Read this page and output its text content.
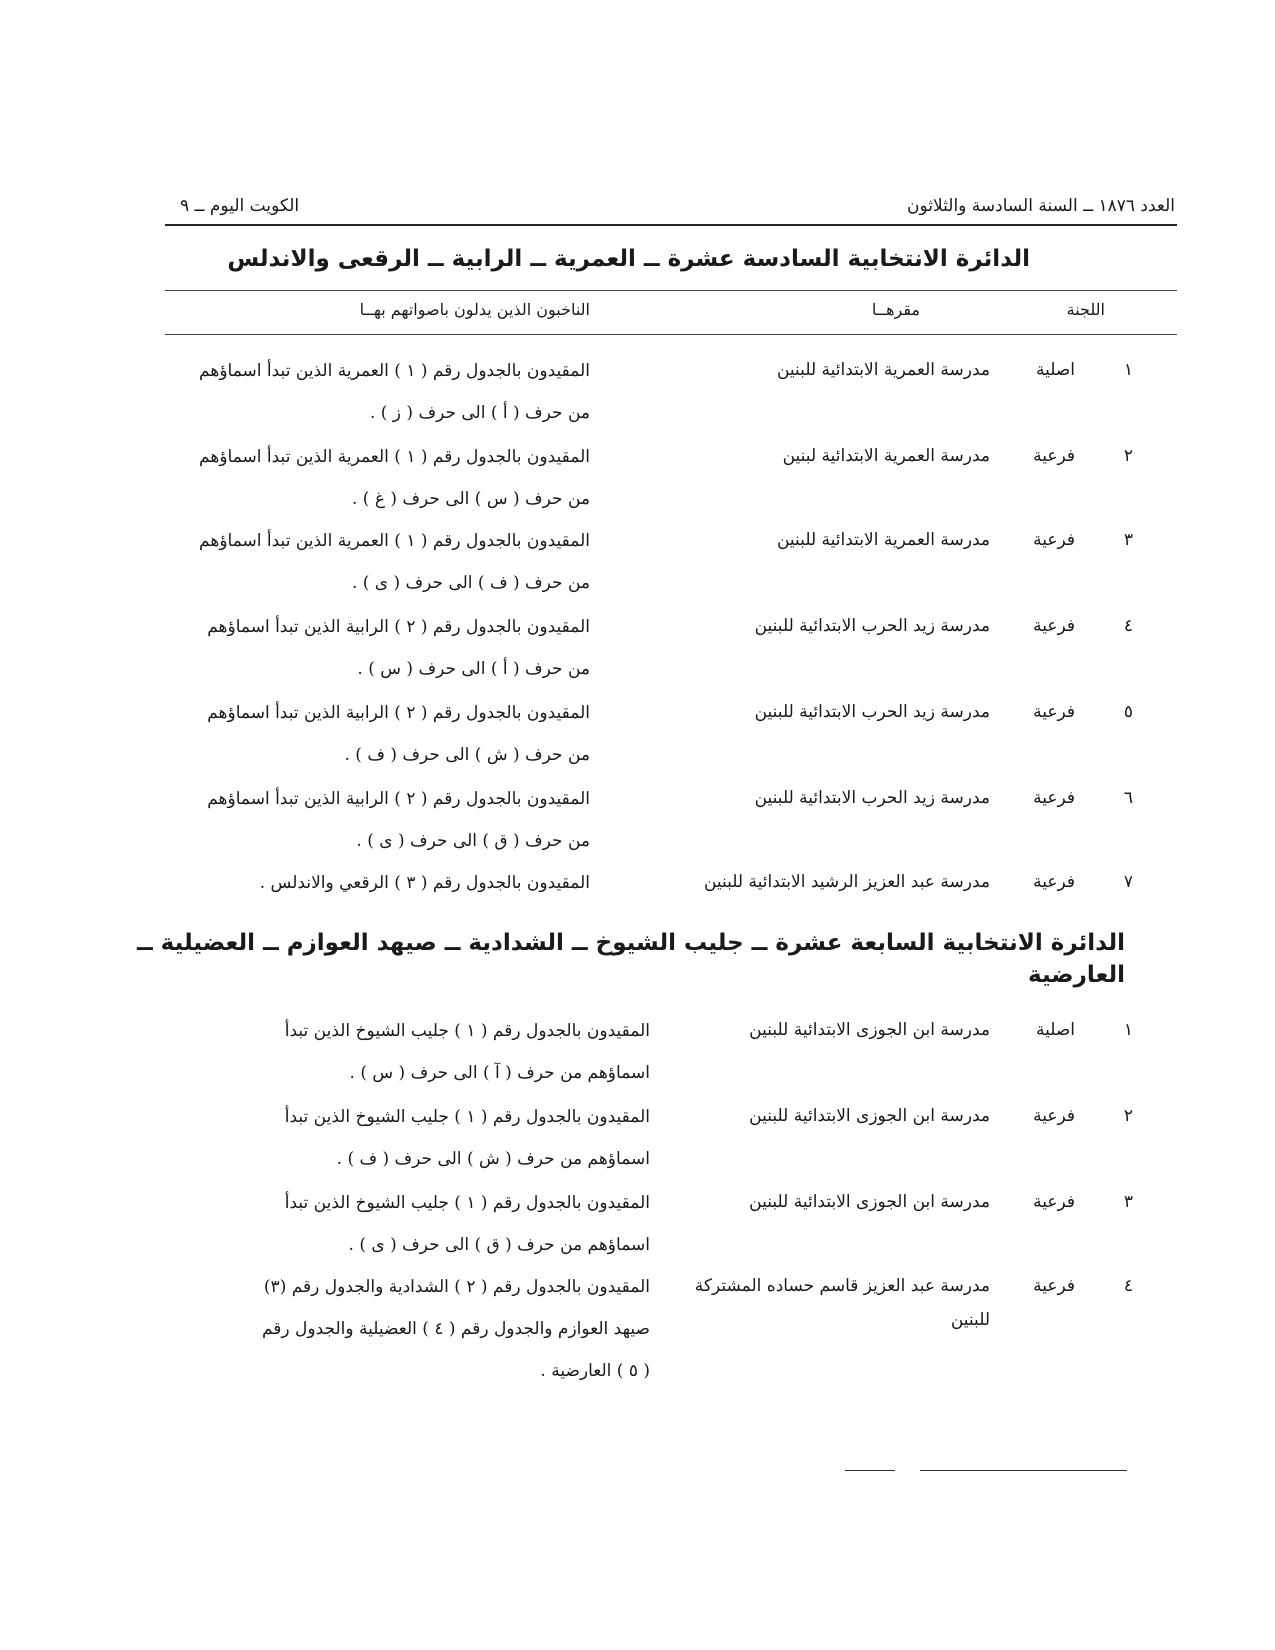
العدد ١٨٧٦ ــ السنة السادسة والثلاثون
الكويت اليوم ــ ٩
الدائرة الانتخابية السادسة عشرة ــ العمرية ــ الرابية ــ الرقعى والاندلس
اللجنة
مقرهــا
الناخبون الذين يدلون باصواتهم بهــا
١
اصلية
مدرسة العمرية الابتدائية للبنين
المقيدون بالجدول رقم ( ١ ) العمرية الذين تبدأ اسماؤهم
من حرف ( أ ) الى حرف ( ز ) .
٢
فرعية
مدرسة العمرية الابتدائية لبنين
المقيدون بالجدول رقم ( ١ ) العمرية الذين تبدأ اسماؤهم
من حرف ( س ) الى حرف ( غ ) .
٣
فرعية
مدرسة العمرية الابتدائية للبنين
المقيدون بالجدول رقم ( ١ ) العمرية الذين تبدأ اسماؤهم
من حرف ( ف ) الى حرف ( ى ) .
٤
فرعية
مدرسة زيد الحرب الابتدائية للبنين
المقيدون بالجدول رقم ( ٢ ) الرابية الذين تبدأ اسماؤهم
من حرف ( أ ) الى حرف ( س ) .
٥
فرعية
مدرسة زيد الحرب الابتدائية للبنين
المقيدون بالجدول رقم ( ٢ ) الرابية الذين تبدأ اسماؤهم
من حرف ( ش ) الى حرف ( ف ) .
٦
فرعية
مدرسة زيد الحرب الابتدائية للبنين
المقيدون بالجدول رقم ( ٢ ) الرابية الذين تبدأ اسماؤهم
من حرف ( ق ) الى حرف ( ى ) .
٧
فرعية
مدرسة عبد العزيز الرشيد الابتدائية للبنين
المقيدون بالجدول رقم ( ٣ ) الرقعي والاندلس .
الدائرة الانتخابية السابعة عشرة ــ جليب الشيوخ ــ الشدادية ــ صيهد العوازم ــ العضيلية ــ
العارضية
١
اصلية
مدرسة ابن الجوزى الابتدائية للبنين
المقيدون بالجدول رقم ( ١ ) جليب الشيوخ الذين تبدأ
اسماؤهم من حرف ( آ ) الى حرف ( س ) .
٢
فرعية
مدرسة ابن الجوزى الابتدائية للبنين
المقيدون بالجدول رقم ( ١ ) جليب الشيوخ الذين تبدأ
اسماؤهم من حرف ( ش ) الى حرف ( ف ) .
٣
فرعية
مدرسة ابن الجوزى الابتدائية للبنين
المقيدون بالجدول رقم ( ١ ) جليب الشيوخ الذين تبدأ
اسماؤهم من حرف ( ق ) الى حرف ( ى ) .
٤
فرعية
مدرسة عبد العزيز قاسم حساده المشتركة
للبنين
المقيدون بالجدول رقم ( ٢ ) الشدادية والجدول رقم (٣)
صيهد العوازم والجدول رقم ( ٤ ) العضيلية والجدول رقم
( ٥ ) العارضية .
